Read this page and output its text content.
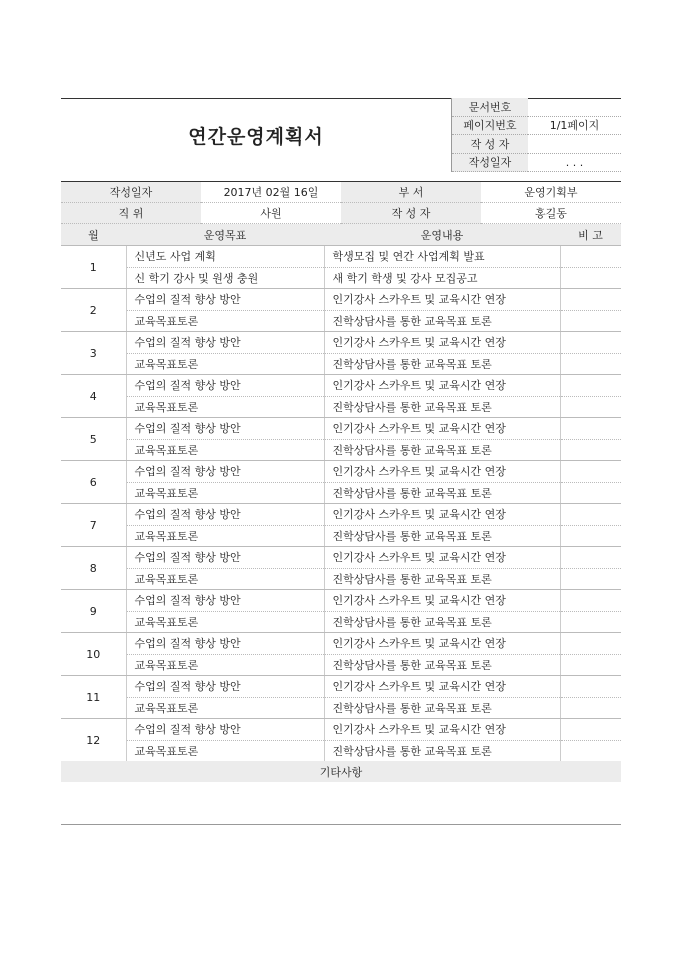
연간운영계획서
문서번호	
페이지번호	1/1페이지
작 성 자	
작성일자	. . .
작성일자	2017년 02월 16일	부 서	운영기획부
직 위	사원	작 성 자	홍길동
월	운영목표	운영내용	비 고
1	신년도 사업 계획	학생모집 및 연간 사업계획 발표	
	신 학기 강사 및 원생 충원	새 학기 학생 및 강사 모집공고	
2	수업의 질적 향상 방안	인기강사 스카우트 및 교육시간 연장	
	교육목표토론	진학상담사를 통한 교육목표 토론	
3	수업의 질적 향상 방안	인기강사 스카우트 및 교육시간 연장	
	교육목표토론	진학상담사를 통한 교육목표 토론	
4	수업의 질적 향상 방안	인기강사 스카우트 및 교육시간 연장	
	교육목표토론	진학상담사를 통한 교육목표 토론	
5	수업의 질적 향상 방안	인기강사 스카우트 및 교육시간 연장	
	교육목표토론	진학상담사를 통한 교육목표 토론	
6	수업의 질적 향상 방안	인기강사 스카우트 및 교육시간 연장	
	교육목표토론	진학상담사를 통한 교육목표 토론	
7	수업의 질적 향상 방안	인기강사 스카우트 및 교육시간 연장	
	교육목표토론	진학상담사를 통한 교육목표 토론	
8	수업의 질적 향상 방안	인기강사 스카우트 및 교육시간 연장	
	교육목표토론	진학상담사를 통한 교육목표 토론	
9	수업의 질적 향상 방안	인기강사 스카우트 및 교육시간 연장	
	교육목표토론	진학상담사를 통한 교육목표 토론	
10	수업의 질적 향상 방안	인기강사 스카우트 및 교육시간 연장	
	교육목표토론	진학상담사를 통한 교육목표 토론	
11	수업의 질적 향상 방안	인기강사 스카우트 및 교육시간 연장	
	교육목표토론	진학상담사를 통한 교육목표 토론	
12	수업의 질적 향상 방안	인기강사 스카우트 및 교육시간 연장	
	교육목표토론	진학상담사를 통한 교육목표 토론	
기타사항
